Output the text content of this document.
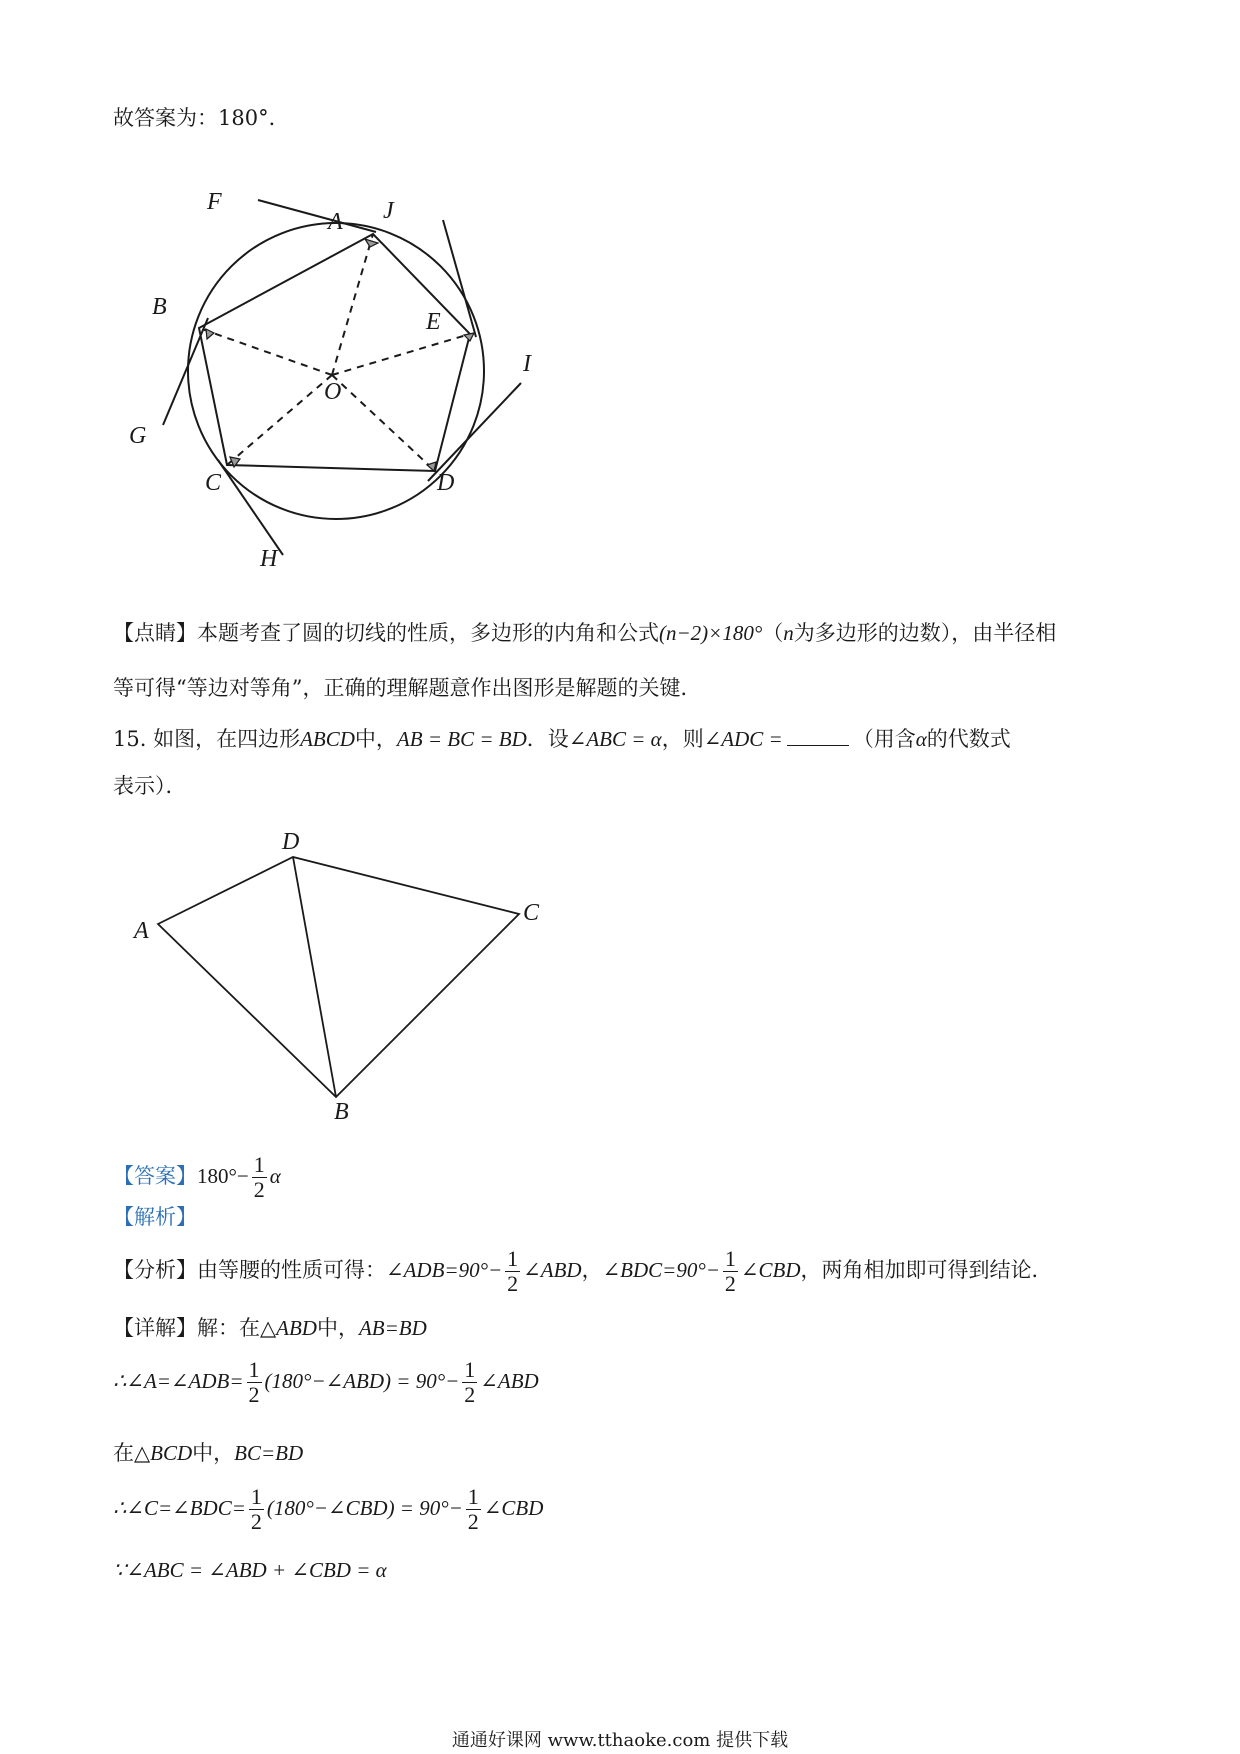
故答案为：180°．
F
A J
B
E
I
O
G
C	D
H
【点睛】本题考查了圆的切线的性质，多边形的内角和公式(n−2)×180°（n为多边形的边数），由半径相
等可得“等边对等角”，正确的理解题意作出图形是解题的关键．
15. 如图，在四边形ABCD中，AB = BC = BD．设∠ABC = α，则∠ADC =	（用含α的代数式
表示）．
D
A
C
B
【答案】$180^\circ- \frac{1}{2}$ α
【解析】
【分析】由等腰的性质可得：∠ADB=90°− $\frac{1}{2}$ ∠ABD，∠BDC=90°− $\frac{1}{2}$ ∠CBD，两角相加即可得到结论．
【详解】解：在△ABD中，AB=BD
∴∠A=∠ADB= $\frac{1}{2}$ (180°−∠ABD) = $90^\circ- \frac{1}{2}$ ∠ABD
在△BCD中，BC=BD
∴∠C=∠BDC= $\frac{1}{2}$ (180°−∠CBD) = $90^\circ- \frac{1}{2}$ ∠CBD
∵∠ABC = ∠ABD + ∠CBD = α
通通好课网 www.tthaoke.com 提供下载
